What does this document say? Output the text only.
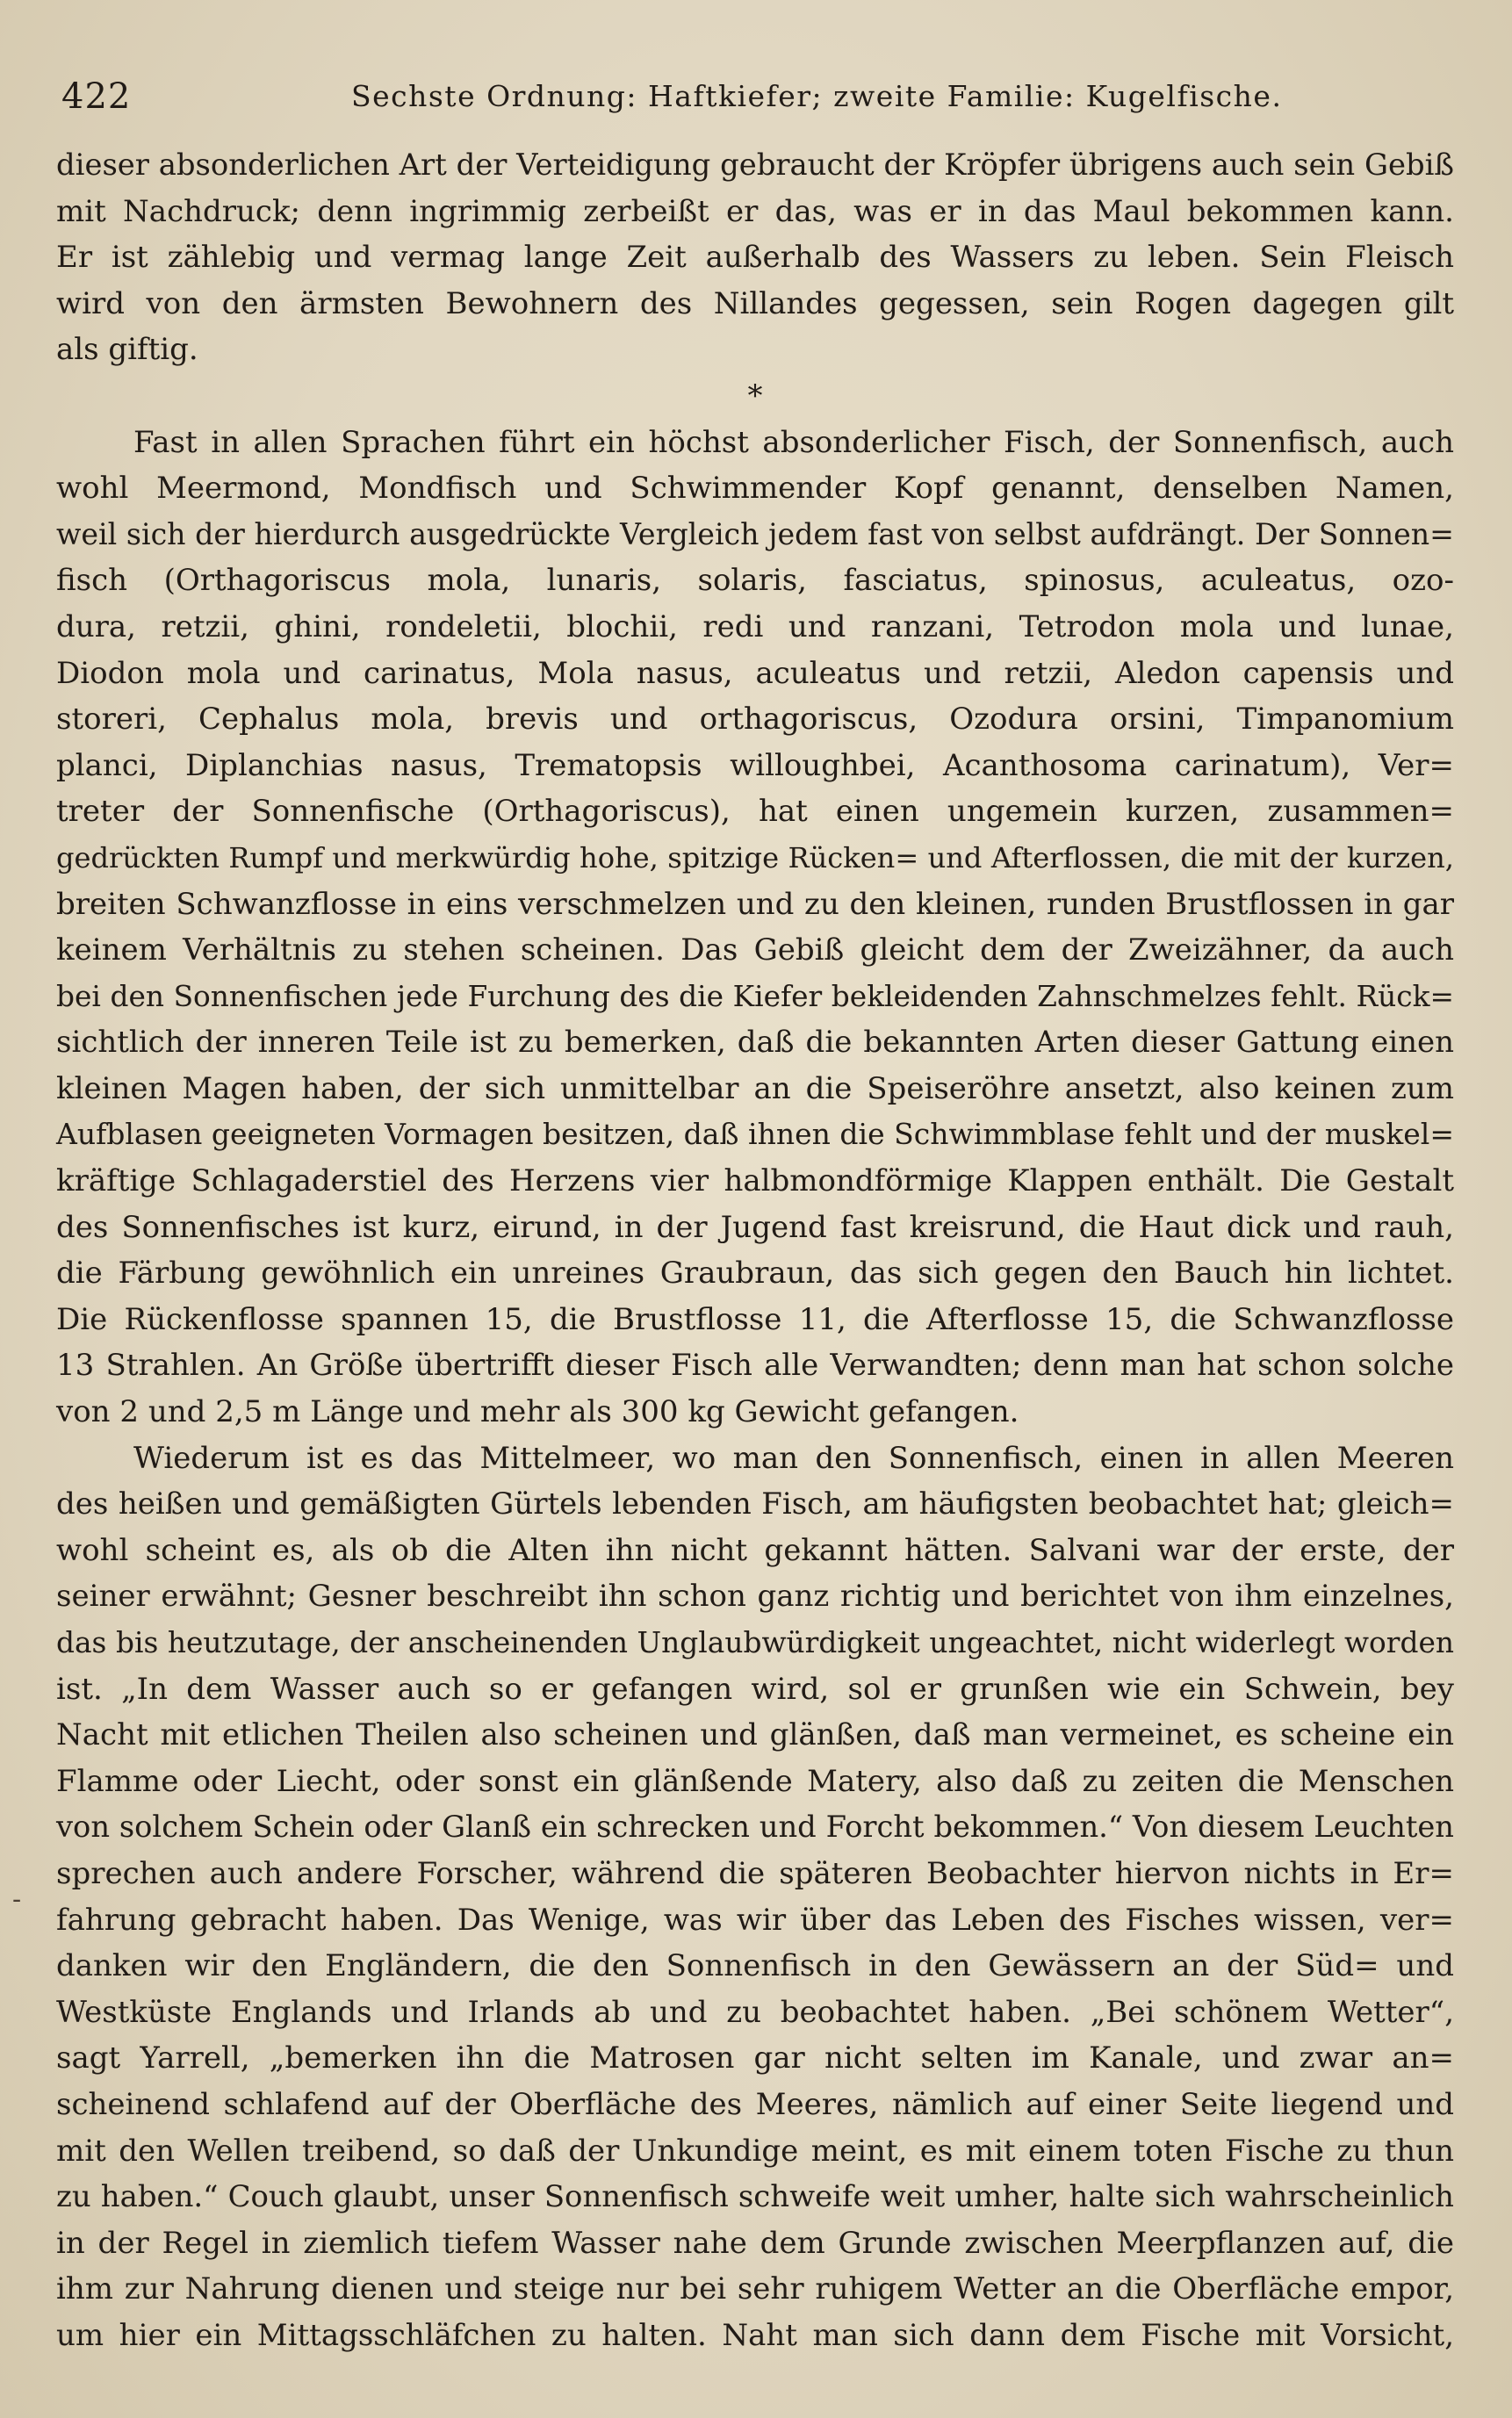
422	Sechste Ordnung: Haftkiefer; zweite Familie: Kugelfische.
-
dieser absonderlichen Art der Verteidigung gebraucht der Kröpfer übrigens auch sein Gebiß
mit Nachdruck; denn ingrimmig zerbeißt er das, was er in das Maul bekommen kann.
Er ist zählebig und vermag lange Zeit außerhalb des Wassers zu leben. Sein Fleisch
wird von den ärmsten Bewohnern des Nillandes gegessen, sein Rogen dagegen gilt
als giftig.
*
Fast in allen Sprachen führt ein höchst absonderlicher Fisch, der Sonnenfisch, auch
wohl Meermond, Mondfisch und Schwimmender Kopf genannt, denselben Namen,
weil sich der hierdurch ausgedrückte Vergleich jedem fast von selbst aufdrängt. Der Sonnen=
fisch (Orthagoriscus mola, lunaris, solaris, fasciatus, spinosus, aculeatus, ozo-
dura, retzii, ghini, rondeletii, blochii, redi und ranzani, Tetrodon mola und lunae,
Diodon mola und carinatus, Mola nasus, aculeatus und retzii, Aledon capensis und
storeri, Cephalus mola, brevis und orthagoriscus, Ozodura orsini, Timpanomium
planci, Diplanchias nasus, Trematopsis willoughbei, Acanthosoma carinatum), Ver=
treter der Sonnenfische (Orthagoriscus), hat einen ungemein kurzen, zusammen=
gedrückten Rumpf und merkwürdig hohe, spitzige Rücken= und Afterflossen, die mit der kurzen,
breiten Schwanzflosse in eins verschmelzen und zu den kleinen, runden Brustflossen in gar
keinem Verhältnis zu stehen scheinen. Das Gebiß gleicht dem der Zweizähner, da auch
bei den Sonnenfischen jede Furchung des die Kiefer bekleidenden Zahnschmelzes fehlt. Rück=
sichtlich der inneren Teile ist zu bemerken, daß die bekannten Arten dieser Gattung einen
kleinen Magen haben, der sich unmittelbar an die Speiseröhre ansetzt, also keinen zum
Aufblasen geeigneten Vormagen besitzen, daß ihnen die Schwimmblase fehlt und der muskel=
kräftige Schlagaderstiel des Herzens vier halbmondförmige Klappen enthält. Die Gestalt
des Sonnenfisches ist kurz, eirund, in der Jugend fast kreisrund, die Haut dick und rauh,
die Färbung gewöhnlich ein unreines Graubraun, das sich gegen den Bauch hin lichtet.
Die Rückenflosse spannen 15, die Brustflosse 11, die Afterflosse 15, die Schwanzflosse
13 Strahlen. An Größe übertrifft dieser Fisch alle Verwandten; denn man hat schon solche
von 2 und 2,5 m Länge und mehr als 300 kg Gewicht gefangen.
Wiederum ist es das Mittelmeer, wo man den Sonnenfisch, einen in allen Meeren
des heißen und gemäßigten Gürtels lebenden Fisch, am häufigsten beobachtet hat; gleich=
wohl scheint es, als ob die Alten ihn nicht gekannt hätten. Salvani war der erste, der
seiner erwähnt; Gesner beschreibt ihn schon ganz richtig und berichtet von ihm einzelnes,
das bis heutzutage, der anscheinenden Unglaubwürdigkeit ungeachtet, nicht widerlegt worden
ist. „In dem Wasser auch so er gefangen wird, sol er grunßen wie ein Schwein, bey
Nacht mit etlichen Theilen also scheinen und glänßen, daß man vermeinet, es scheine ein
Flamme oder Liecht, oder sonst ein glänßende Matery, also daß zu zeiten die Menschen
von solchem Schein oder Glanß ein schrecken und Forcht bekommen.“ Von diesem Leuchten
sprechen auch andere Forscher, während die späteren Beobachter hiervon nichts in Er=
fahrung gebracht haben. Das Wenige, was wir über das Leben des Fisches wissen, ver=
danken wir den Engländern, die den Sonnenfisch in den Gewässern an der Süd= und
Westküste Englands und Irlands ab und zu beobachtet haben. „Bei schönem Wetter“,
sagt Yarrell, „bemerken ihn die Matrosen gar nicht selten im Kanale, und zwar an=
scheinend schlafend auf der Oberfläche des Meeres, nämlich auf einer Seite liegend und
mit den Wellen treibend, so daß der Unkundige meint, es mit einem toten Fische zu thun
zu haben.“ Couch glaubt, unser Sonnenfisch schweife weit umher, halte sich wahrscheinlich
in der Regel in ziemlich tiefem Wasser nahe dem Grunde zwischen Meerpflanzen auf, die
ihm zur Nahrung dienen und steige nur bei sehr ruhigem Wetter an die Oberfläche empor,
um hier ein Mittagsschläfchen zu halten. Naht man sich dann dem Fische mit Vorsicht,
